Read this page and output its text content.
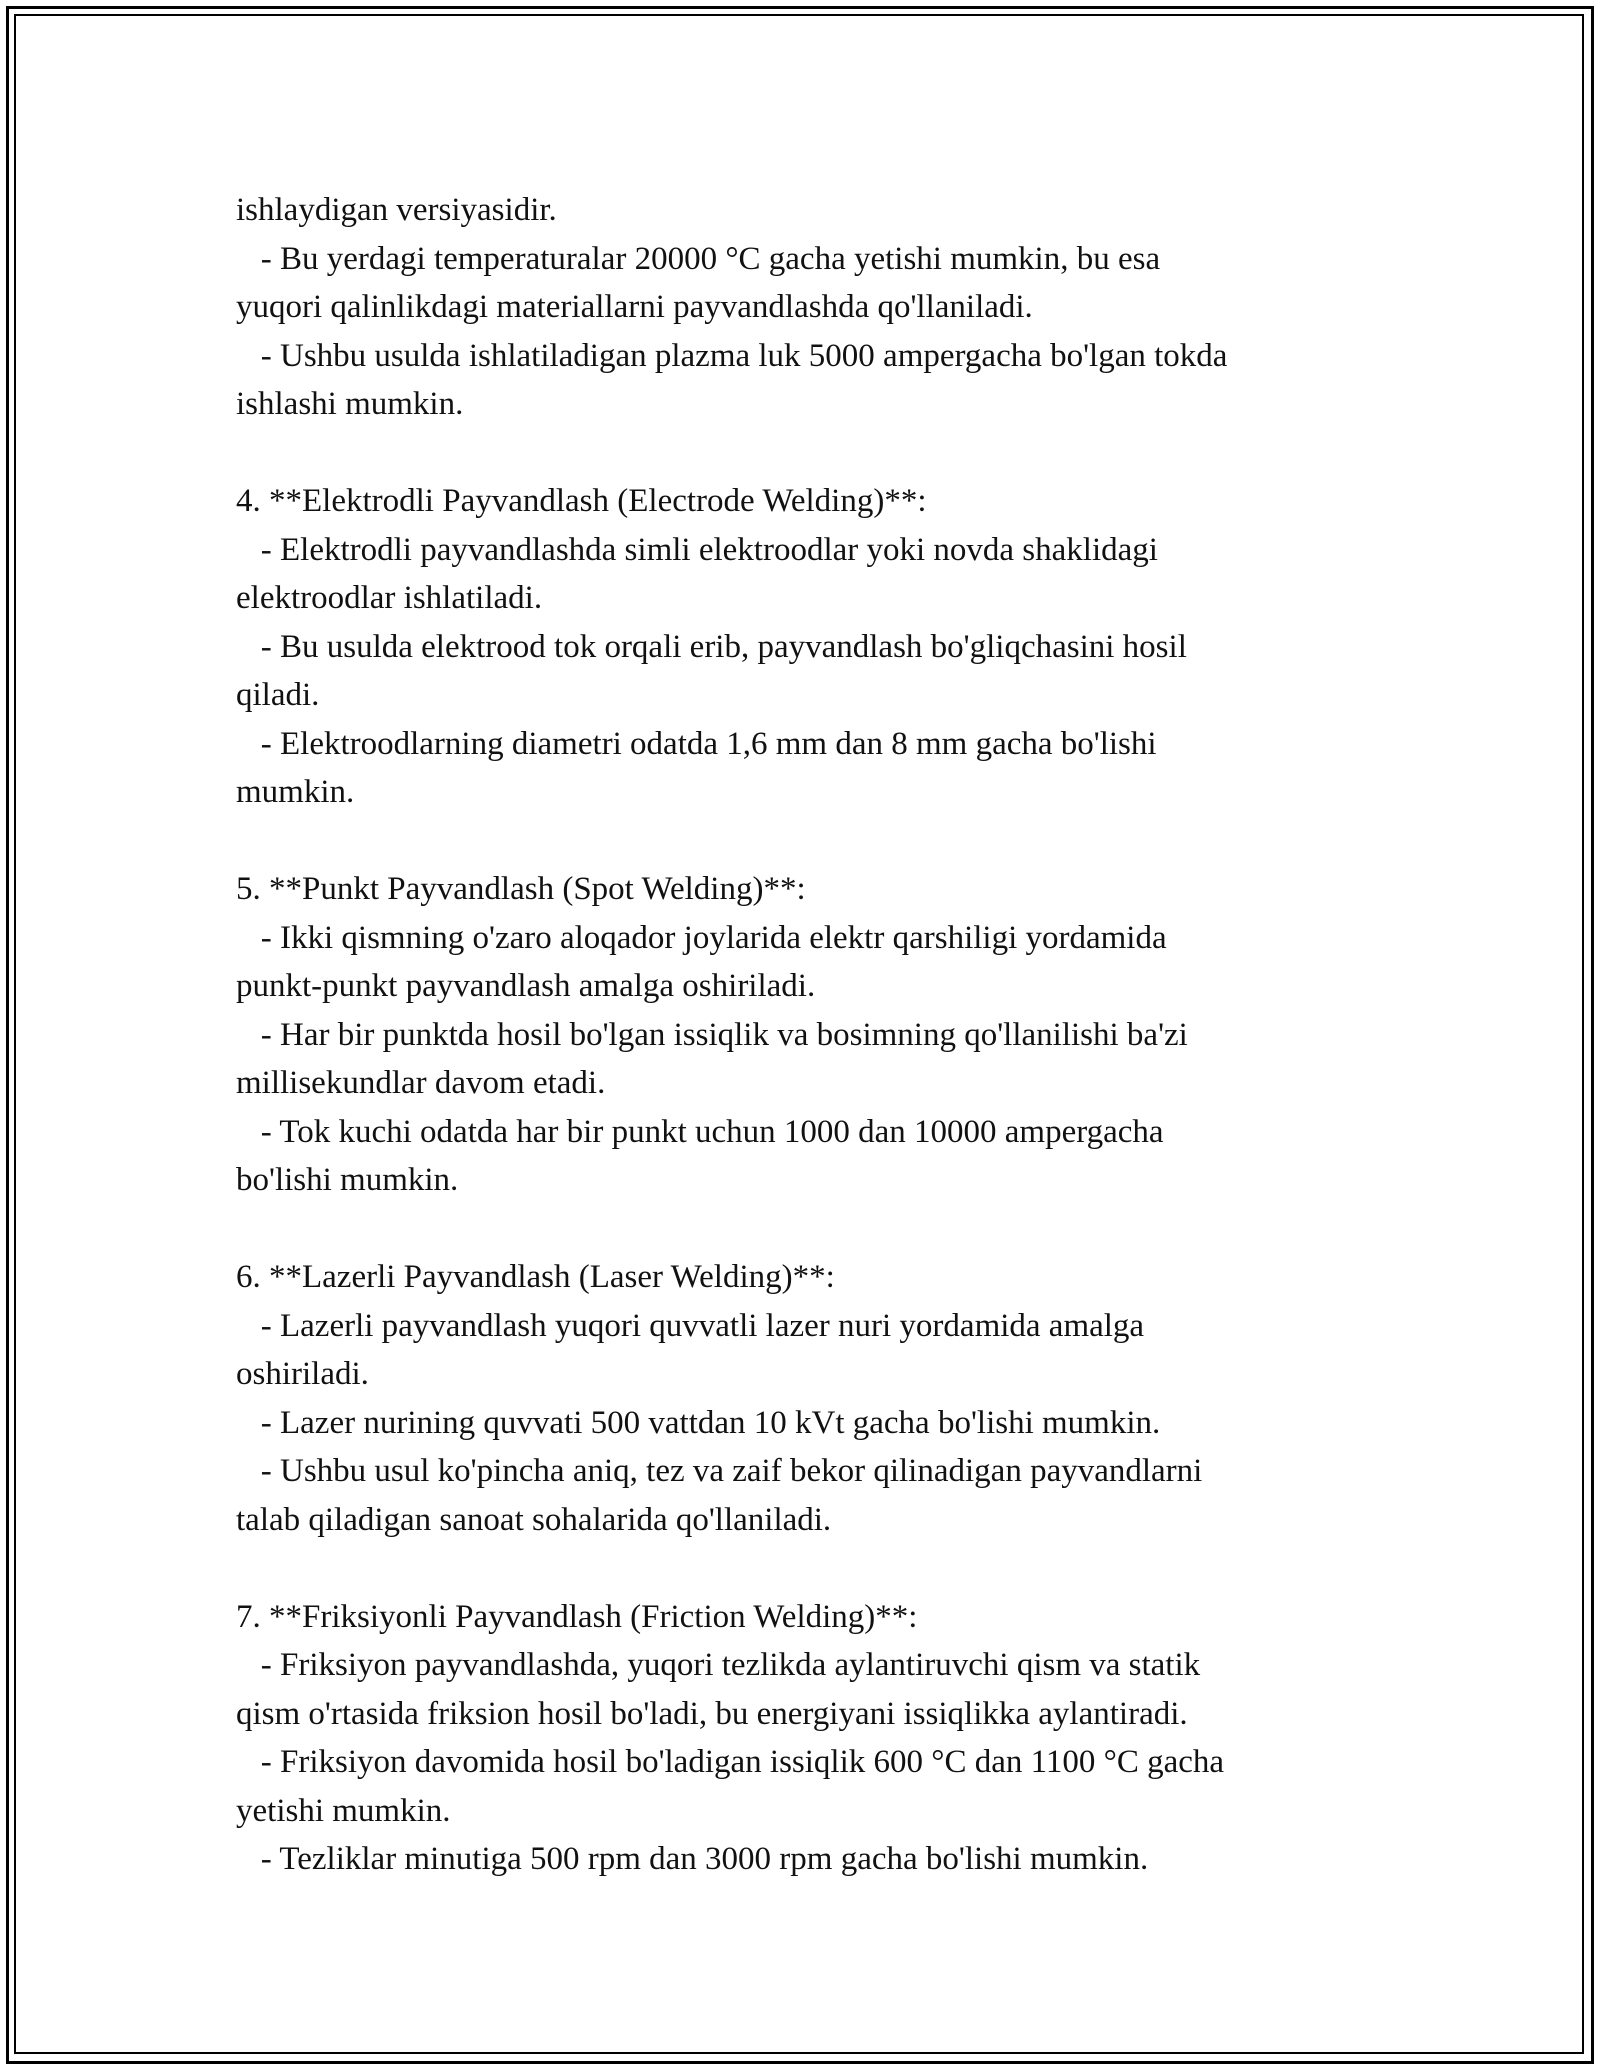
ishlaydigan versiyasidir.
- Bu yerdagi temperaturalar 20000 °C gacha yetishi mumkin, bu esa
yuqori qalinlikdagi materiallarni payvandlashda qo'llaniladi.
- Ushbu usulda ishlatiladigan plazma luk 5000 ampergacha bo'lgan tokda
ishlashi mumkin.
4. **Elektrodli Payvandlash (Electrode Welding)**:
- Elektrodli payvandlashda simli elektroodlar yoki novda shaklidagi
elektroodlar ishlatiladi.
- Bu usulda elektrood tok orqali erib, payvandlash bo'gliqchasini hosil
qiladi.
- Elektroodlarning diametri odatda 1,6 mm dan 8 mm gacha bo'lishi
mumkin.
5. **Punkt Payvandlash (Spot Welding)**:
- Ikki qismning o'zaro aloqador joylarida elektr qarshiligi yordamida
punkt-punkt payvandlash amalga oshiriladi.
- Har bir punktda hosil bo'lgan issiqlik va bosimning qo'llanilishi ba'zi
millisekundlar davom etadi.
- Tok kuchi odatda har bir punkt uchun 1000 dan 10000 ampergacha
bo'lishi mumkin.
6. **Lazerli Payvandlash (Laser Welding)**:
- Lazerli payvandlash yuqori quvvatli lazer nuri yordamida amalga
oshiriladi.
- Lazer nurining quvvati 500 vattdan 10 kVt gacha bo'lishi mumkin.
- Ushbu usul ko'pincha aniq, tez va zaif bekor qilinadigan payvandlarni
talab qiladigan sanoat sohalarida qo'llaniladi.
7. **Friksiyonli Payvandlash (Friction Welding)**:
- Friksiyon payvandlashda, yuqori tezlikda aylantiruvchi qism va statik
qism o'rtasida friksion hosil bo'ladi, bu energiyani issiqlikka aylantiradi.
- Friksiyon davomida hosil bo'ladigan issiqlik 600 °C dan 1100 °C gacha
yetishi mumkin.
- Tezliklar minutiga 500 rpm dan 3000 rpm gacha bo'lishi mumkin.
